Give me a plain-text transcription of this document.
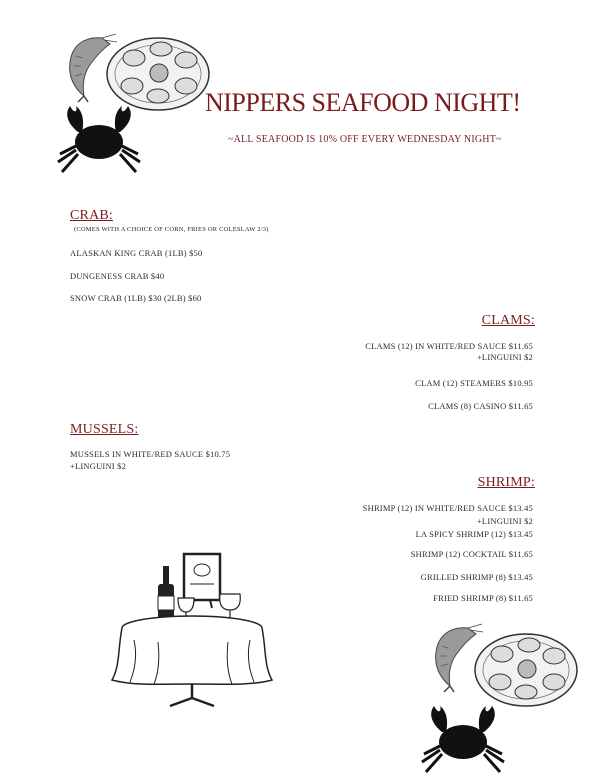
NIPPERS SEAFOOD NIGHT!
~ALL SEAFOOD IS 10% OFF EVERY WEDNESDAY NIGHT~
CRAB:
(COMES WITH A CHOICE OF CORN, FRIES OR COLESLAW 2/3)
ALASKAN KING CRAB (1LB) $50
DUNGENESS CRAB $40
SNOW CRAB (1LB) $30 (2LB) $60
CLAMS:
CLAMS (12) IN WHITE/RED SAUCE $11.65
+LINGUINI $2
CLAM (12) STEAMERS $10.95
CLAMS (8) CASINO $11.65
MUSSELS:
MUSSELS IN WHITE/RED SAUCE $10.75
+LINGUINI $2
SHRIMP:
SHRIMP (12) IN WHITE/RED SAUCE $13.45
+LINGUINI $2
LA SPICY SHRIMP (12) $13.45
SHRIMP (12) COCKTAIL $11.65
GRILLED SHRIMP (8) $13.45
FRIED SHRIMP (8) $11.65
